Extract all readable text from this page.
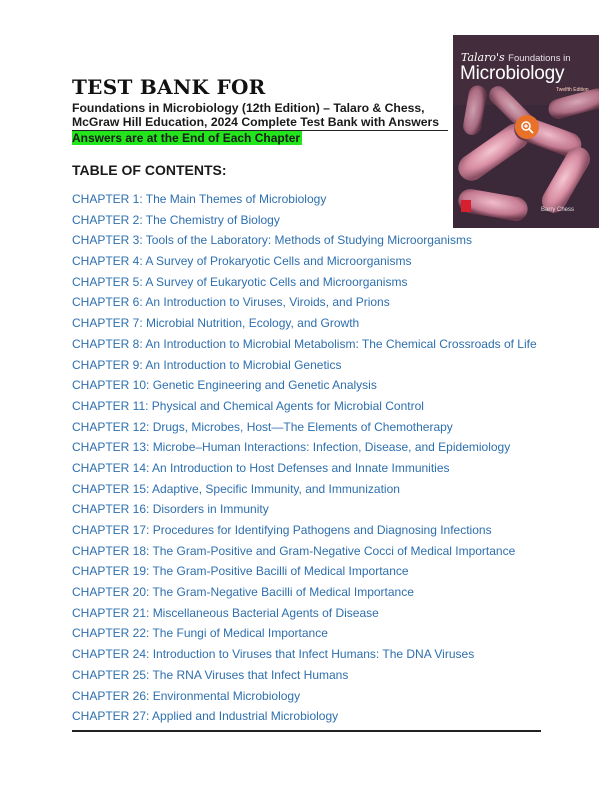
TEST BANK FOR
Foundations in Microbiology (12th Edition) – Talaro & Chess, McGraw Hill Education, 2024 Complete Test Bank with Answers
Answers are at the End of Each Chapter
TABLE OF CONTENTS:
CHAPTER 1: The Main Themes of Microbiology
CHAPTER 2: The Chemistry of Biology
CHAPTER 3: Tools of the Laboratory: Methods of Studying Microorganisms
CHAPTER 4: A Survey of Prokaryotic Cells and Microorganisms
CHAPTER 5: A Survey of Eukaryotic Cells and Microorganisms
CHAPTER 6: An Introduction to Viruses, Viroids, and Prions
CHAPTER 7: Microbial Nutrition, Ecology, and Growth
CHAPTER 8: An Introduction to Microbial Metabolism: The Chemical Crossroads of Life
CHAPTER 9: An Introduction to Microbial Genetics
CHAPTER 10: Genetic Engineering and Genetic Analysis
CHAPTER 11: Physical and Chemical Agents for Microbial Control
CHAPTER 12: Drugs, Microbes, Host—The Elements of Chemotherapy
CHAPTER 13: Microbe–Human Interactions: Infection, Disease, and Epidemiology
CHAPTER 14: An Introduction to Host Defenses and Innate Immunities
CHAPTER 15: Adaptive, Specific Immunity, and Immunization
CHAPTER 16: Disorders in Immunity
CHAPTER 17: Procedures for Identifying Pathogens and Diagnosing Infections
CHAPTER 18: The Gram-Positive and Gram-Negative Cocci of Medical Importance
CHAPTER 19: The Gram-Positive Bacilli of Medical Importance
CHAPTER 20: The Gram-Negative Bacilli of Medical Importance
CHAPTER 21: Miscellaneous Bacterial Agents of Disease
CHAPTER 22: The Fungi of Medical Importance
CHAPTER 24: Introduction to Viruses that Infect Humans: The DNA Viruses
CHAPTER 25: The RNA Viruses that Infect Humans
CHAPTER 26: Environmental Microbiology
CHAPTER 27: Applied and Industrial Microbiology
Talaro's Foundations in
Microbiology
Twelfth Edition
Barry Chess
